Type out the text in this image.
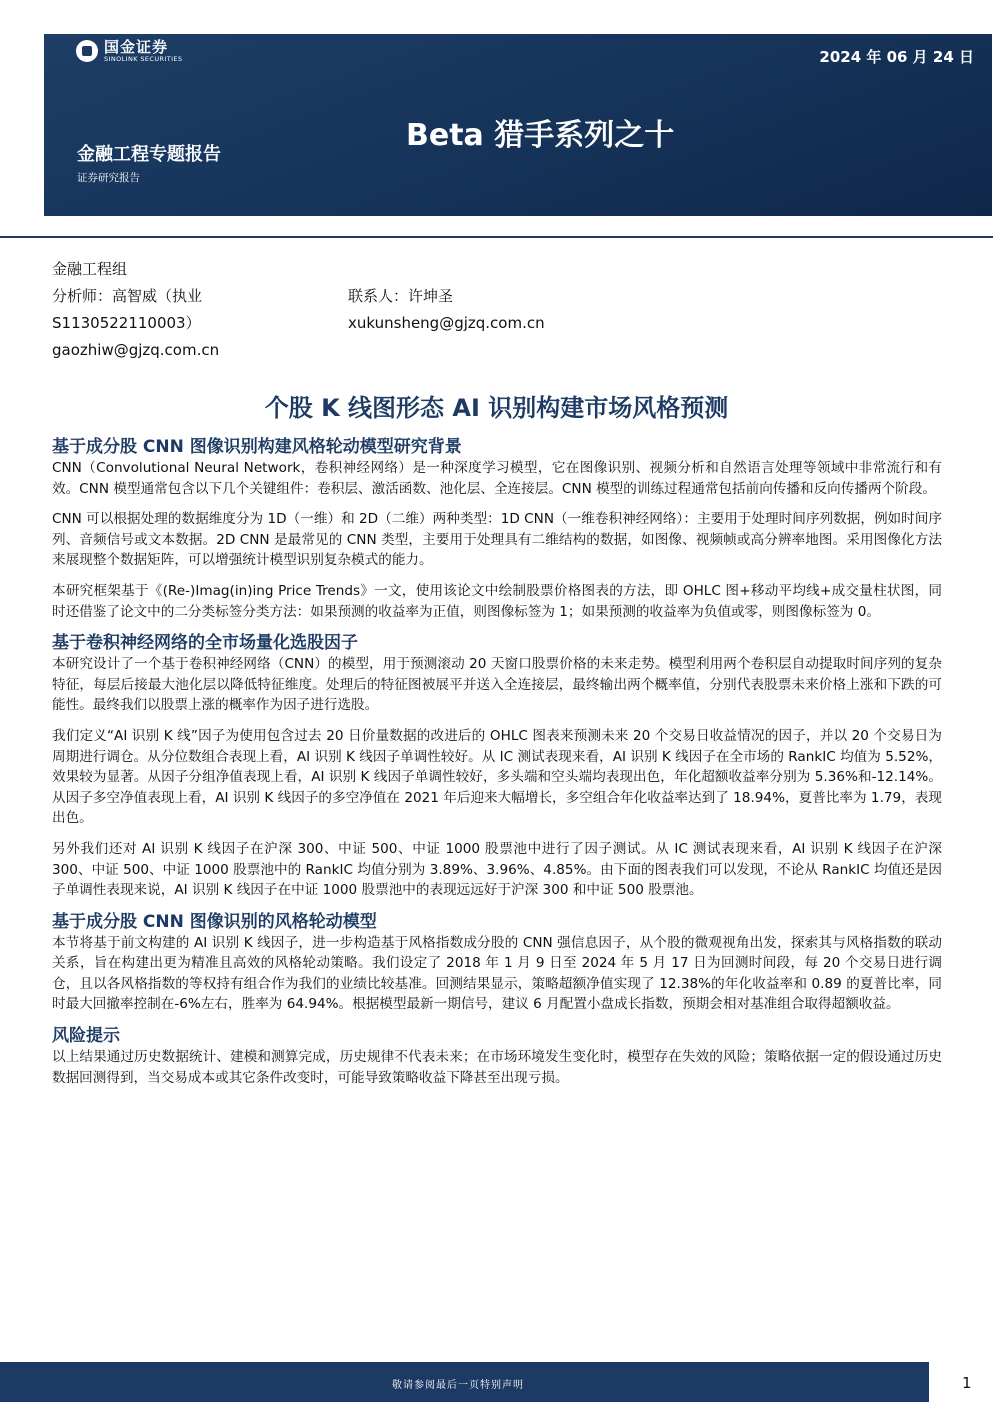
国金证券
SINOLINK SECURITIES	2024 年 06 月 24 日
Beta 猎手系列之十
金融工程专题报告
证券研究报告
金融工程组
分析师：高智威（执业
S1130522110003）
gaozhiw@gjzq.com.cn
联系人：许坤圣
xukunsheng@gjzq.com.cn
个股 K 线图形态 AI 识别构建市场风格预测
基于成分股 CNN 图像识别构建风格轮动模型研究背景

CNN（Convolutional Neural Network，卷积神经网络）是一种深度学习模型，它在图像识别、视频分析和自然语言处理等领域中非常流行和有效。CNN 模型通常包含以下几个关键组件：卷积层、激活函数、池化层、全连接层。CNN 模型的训练过程通常包括前向传播和反向传播两个阶段。

CNN 可以根据处理的数据维度分为 1D（一维）和 2D（二维）两种类型：1D CNN（一维卷积神经网络）：主要用于处理时间序列数据，例如时间序列、音频信号或文本数据。2D CNN 是最常见的 CNN 类型，主要用于处理具有二维结构的数据，如图像、视频帧或高分辨率地图。采用图像化方法来展现整个数据矩阵，可以增强统计模型识别复杂模式的能力。

本研究框架基于《(Re-)Imag(in)ing Price Trends》一文，使用该论文中绘制股票价格图表的方法，即 OHLC 图+移动平均线+成交量柱状图，同时还借鉴了论文中的二分类标签分类方法：如果预测的收益率为正值，则图像标签为 1；如果预测的收益率为负值或零，则图像标签为 0。

基于卷积神经网络的全市场量化选股因子

本研究设计了一个基于卷积神经网络（CNN）的模型，用于预测滚动 20 天窗口股票价格的未来走势。模型利用两个卷积层自动提取时间序列的复杂特征，每层后接最大池化层以降低特征维度。处理后的特征图被展平并送入全连接层，最终输出两个概率值，分别代表股票未来价格上涨和下跌的可能性。最终我们以股票上涨的概率作为因子进行选股。

我们定义“AI 识别 K 线”因子为使用包含过去 20 日价量数据的改进后的 OHLC 图表来预测未来 20 个交易日收益情况的因子，并以 20 个交易日为周期进行调仓。从分位数组合表现上看，AI 识别 K 线因子单调性较好。从 IC 测试表现来看，AI 识别 K 线因子在全市场的 RankIC 均值为 5.52%，效果较为显著。从因子分组净值表现上看，AI 识别 K 线因子单调性较好，多头端和空头端均表现出色，年化超额收益率分别为 5.36%和-12.14%。从因子多空净值表现上看，AI 识别 K 线因子的多空净值在 2021 年后迎来大幅增长，多空组合年化收益率达到了 18.94%，夏普比率为 1.79，表现出色。

另外我们还对 AI 识别 K 线因子在沪深 300、中证 500、中证 1000 股票池中进行了因子测试。从 IC 测试表现来看，AI 识别 K 线因子在沪深 300、中证 500、中证 1000 股票池中的 RankIC 均值分别为 3.89%、3.96%、4.85%。由下面的图表我们可以发现，不论从 RankIC 均值还是因子单调性表现来说，AI 识别 K 线因子在中证 1000 股票池中的表现远远好于沪深 300 和中证 500 股票池。

基于成分股 CNN 图像识别的风格轮动模型

本节将基于前文构建的 AI 识别 K 线因子，进一步构造基于风格指数成分股的 CNN 强信息因子，从个股的微观视角出发，探索其与风格指数的联动关系，旨在构建出更为精准且高效的风格轮动策略。我们设定了 2018 年 1 月 9 日至 2024 年 5 月 17 日为回测时间段，每 20 个交易日进行调仓，且以各风格指数的等权持有组合作为我们的业绩比较基准。回测结果显示，策略超额净值实现了 12.38%的年化收益率和 0.89 的夏普比率，同时最大回撤率控制在-6%左右，胜率为 64.94%。根据模型最新一期信号，建议 6 月配置小盘成长指数，预期会相对基准组合取得超额收益。

风险提示

以上结果通过历史数据统计、建模和测算完成，历史规律不代表未来；在市场环境发生变化时，模型存在失效的风险；策略依据一定的假设通过历史数据回测得到，当交易成本或其它条件改变时，可能导致策略收益下降甚至出现亏损。

敬请参阅最后一页特别声明	1
